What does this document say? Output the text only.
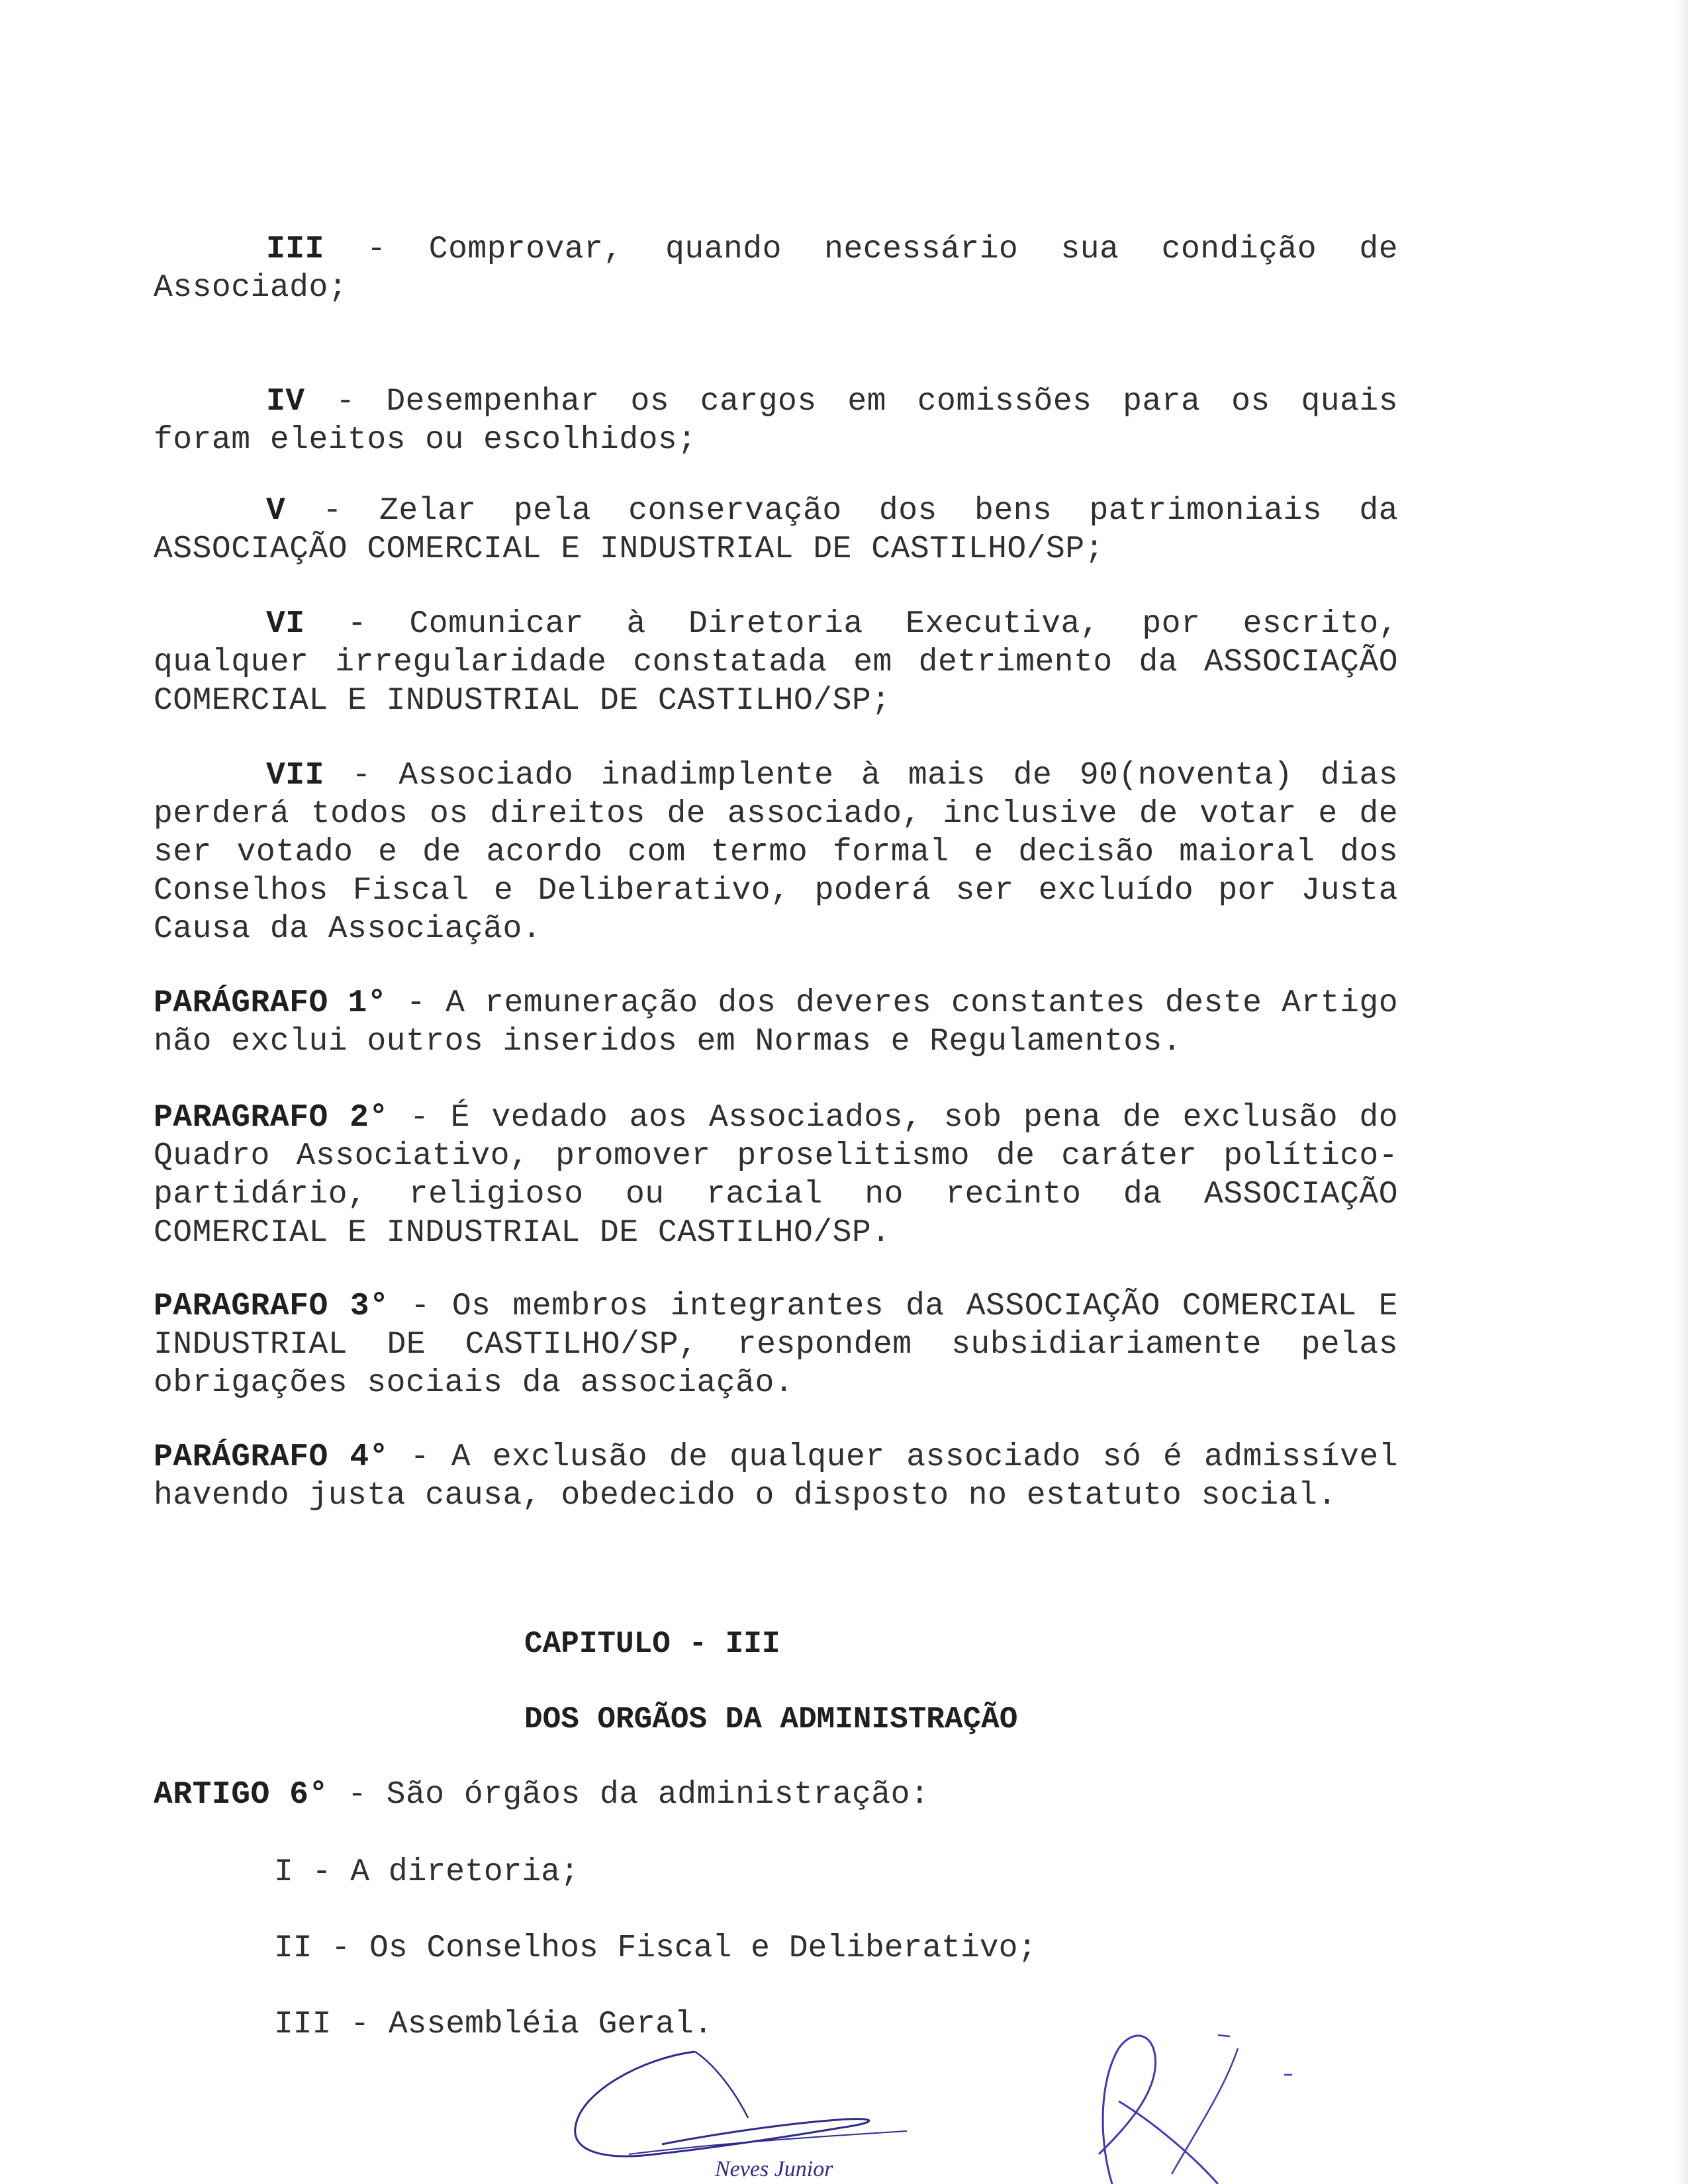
III - Comprovar, quando necessário sua condição de Associado;

IV - Desempenhar os cargos em comissões para os quais foram eleitos ou escolhidos;

V - Zelar pela conservação dos bens patrimoniais da ASSOCIAÇÃO COMERCIAL E INDUSTRIAL DE CASTILHO/SP;

VI - Comunicar à Diretoria Executiva, por escrito, qualquer irregularidade constatada em detrimento da ASSOCIAÇÃO COMERCIAL E INDUSTRIAL DE CASTILHO/SP;

VII - Associado inadimplente à mais de 90(noventa) dias perderá todos os direitos de associado, inclusive de votar e de ser votado e de acordo com termo formal e decisão maioral dos Conselhos Fiscal e Deliberativo, poderá ser excluído por Justa Causa da Associação.

PARÁGRAFO 1° - A remuneração dos deveres constantes deste Artigo não exclui outros inseridos em Normas e Regulamentos.

PARAGRAFO 2° - É vedado aos Associados, sob pena de exclusão do Quadro Associativo, promover proselitismo de caráter político-partidário, religioso ou racial no recinto da ASSOCIAÇÃO COMERCIAL E INDUSTRIAL DE CASTILHO/SP.

PARAGRAFO 3° - Os membros integrantes da ASSOCIAÇÃO COMERCIAL E INDUSTRIAL DE CASTILHO/SP, respondem subsidiariamente pelas obrigações sociais da associação.

PARÁGRAFO 4° - A exclusão de qualquer associado só é admissível havendo justa causa, obedecido o disposto no estatuto social.

CAPITULO - III
DOS ORGÃOS DA ADMINISTRAÇÃO

ARTIGO 6° - São órgãos da administração:

I - A diretoria;
II - Os Conselhos Fiscal e Deliberativo;
III - Assembléia Geral.
Neves Junior
